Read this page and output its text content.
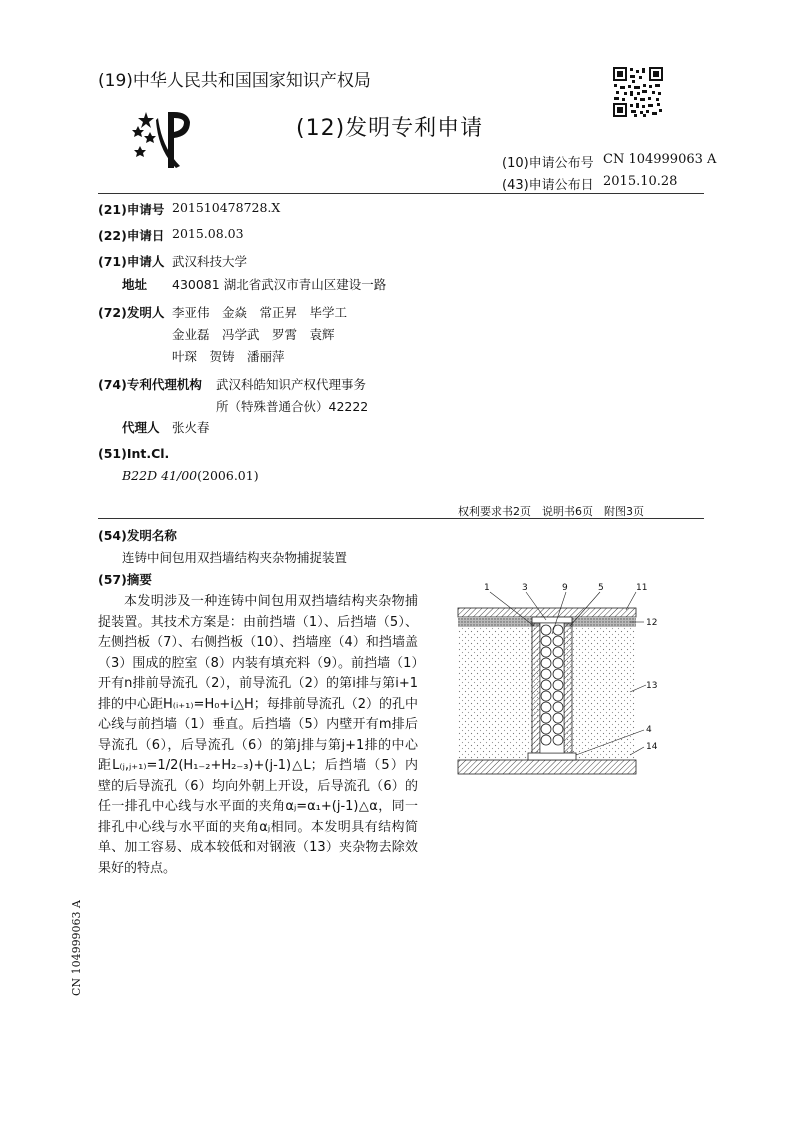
(19)中华人民共和国国家知识产权局
(12)发明专利申请
(10)申请公布号 CN 104999063 A
(43)申请公布日 2015.10.28
(21)申请号 201510478728.X
(22)申请日 2015.08.03
(71)申请人 武汉科技大学
地址 430081 湖北省武汉市青山区建设一路
(72)发明人 李亚伟　金焱　常正昇　毕学工
金业磊　冯学武　罗霄　袁辉
叶琛　贺铸　潘丽萍
(74)专利代理机构 武汉科皓知识产权代理事务
所（特殊普通合伙）42222
代理人 张火春
(51)Int.Cl.
B22D 41/00(2006.01)
权利要求书2页　说明书6页　附图3页
(54)发明名称
连铸中间包用双挡墙结构夹杂物捕捉装置
(57)摘要

本发明涉及一种连铸中间包用双挡墙结构夹杂物捕捉装置。其技术方案是：由前挡墙（1）、后挡墙（5）、左侧挡板（7）、右侧挡板（10）、挡墙座（4）和挡墙盖（3）围成的腔室（8）内装有填充料（9）。前挡墙（1）开有n排前导流孔（2），前导流孔（2）的第i排与第i+1排的中心距H₍ᵢ₊₁₎=H₀+i△H；每排前导流孔（2）的孔中心线与前挡墙（1）垂直。后挡墙（5）内壁开有m排后导流孔（6），后导流孔（6）的第j排与第j+1排的中心距L₍ⱼ,ⱼ₊₁₎=1/2(H₁₋₂+H₂₋₃)+(j-1)△L；后挡墙（5）内壁的后导流孔（6）均向外朝上开设，后导流孔（6）的任一排孔中心线与水平面的夹角αⱼ=α₁+(j-1)△α，同一排孔中心线与水平面的夹角αⱼ相同。本发明具有结构简单、加工容易、成本较低和对钢液（13）夹杂物去除效果好的特点。

1	3	9	5	11
12
13
4
14
CN 104999063 A
